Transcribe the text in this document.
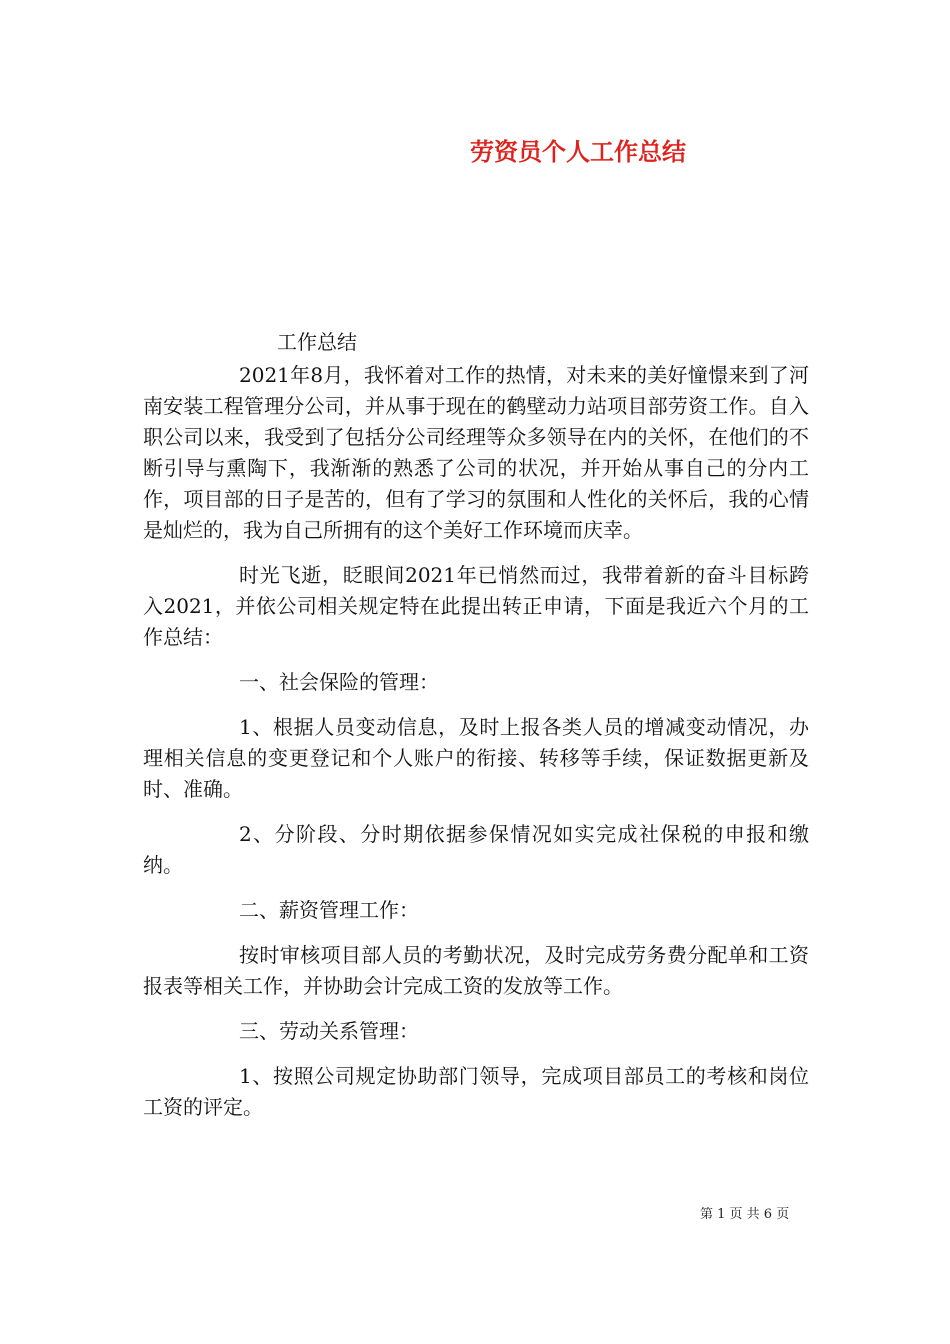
劳资员个人工作总结

工作总结

2021年8月，我怀着对工作的热情，对未来的美好憧憬来到了河南安装工程管理分公司，并从事于现在的鹤壁动力站项目部劳资工作。自入职公司以来，我受到了包括分公司经理等众多领导在内的关怀，在他们的不断引导与熏陶下，我渐渐的熟悉了公司的状况，并开始从事自己的分内工作，项目部的日子是苦的，但有了学习的氛围和人性化的关怀后，我的心情是灿烂的，我为自己所拥有的这个美好工作环境而庆幸。

时光飞逝，眨眼间2021年已悄然而过，我带着新的奋斗目标跨入2021，并依公司相关规定特在此提出转正申请，下面是我近六个月的工作总结：

一、社会保险的管理：

1、根据人员变动信息，及时上报各类人员的增减变动情况，办理相关信息的变更登记和个人账户的衔接、转移等手续，保证数据更新及时、准确。

2、分阶段、分时期依据参保情况如实完成社保税的申报和缴纳。

二、薪资管理工作：

按时审核项目部人员的考勤状况，及时完成劳务费分配单和工资报表等相关工作，并协助会计完成工资的发放等工作。

三、劳动关系管理：

1、按照公司规定协助部门领导，完成项目部员工的考核和岗位工资的评定。

第 1 页 共 6 页
